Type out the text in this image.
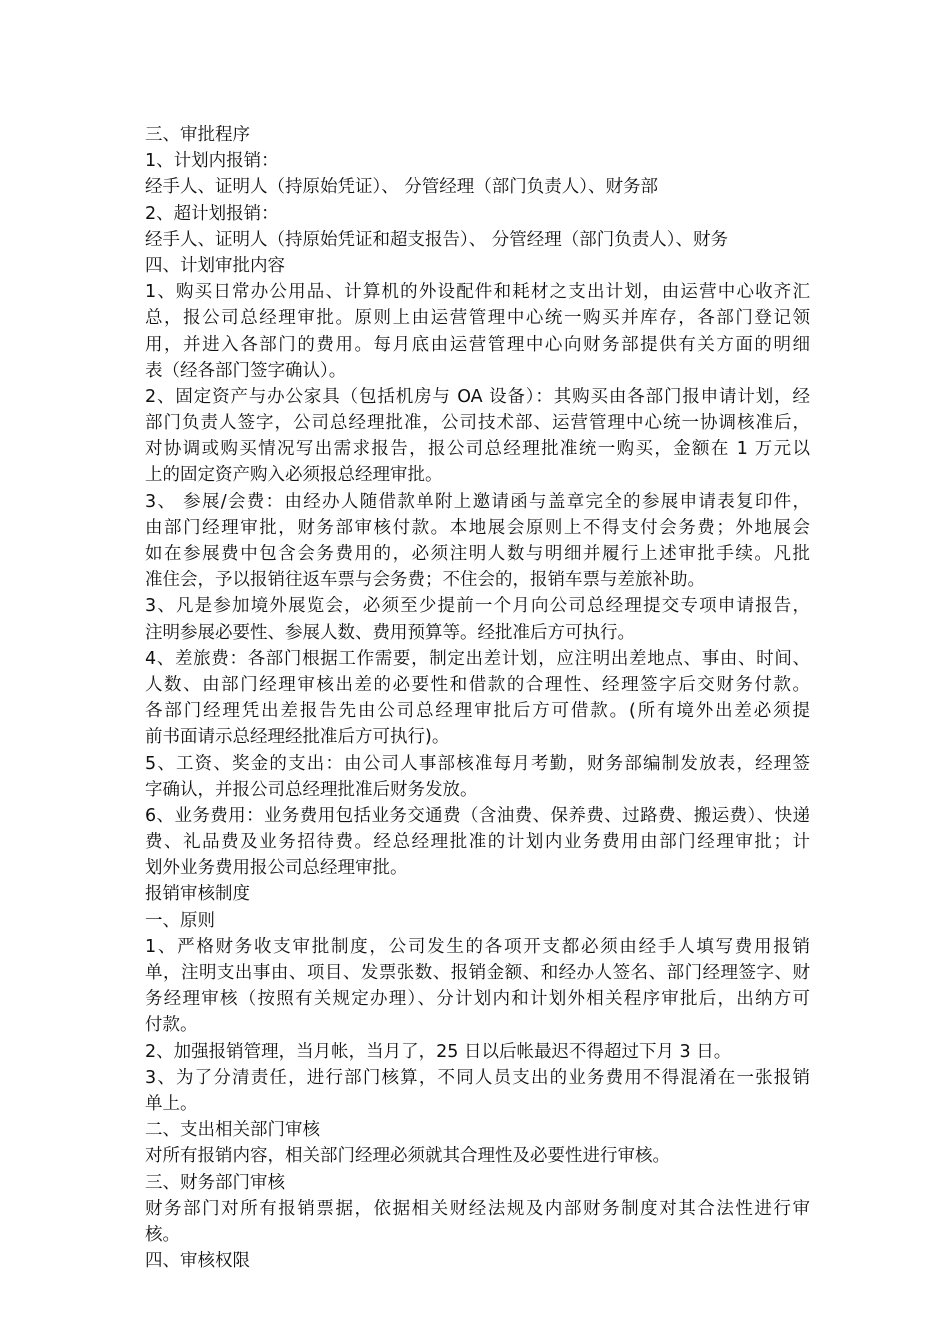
三、审批程序
1、计划内报销：
经手人、证明人（持原始凭证）、 分管经理（部门负责人）、财务部
2、超计划报销：
经手人、证明人（持原始凭证和超支报告）、 分管经理（部门负责人）、财务
四、计划审批内容
1、购买日常办公用品、计算机的外设配件和耗材之支出计划，由运营中心收齐汇
总，报公司总经理审批。原则上由运营管理中心统一购买并库存，各部门登记领
用，并进入各部门的费用。每月底由运营管理中心向财务部提供有关方面的明细
表（经各部门签字确认）。
2、固定资产与办公家具（包括机房与 OA 设备）：其购买由各部门报申请计划，经
部门负责人签字，公司总经理批准，公司技术部、运营管理中心统一协调核准后，
对协调或购买情况写出需求报告，报公司总经理批准统一购买，金额在 1 万元以
上的固定资产购入必须报总经理审批。
3、 参展/会费：由经办人随借款单附上邀请函与盖章完全的参展申请表复印件，
由部门经理审批，财务部审核付款。本地展会原则上不得支付会务费；外地展会
如在参展费中包含会务费用的，必须注明人数与明细并履行上述审批手续。凡批
准住会，予以报销往返车票与会务费；不住会的，报销车票与差旅补助。
3、凡是参加境外展览会，必须至少提前一个月向公司总经理提交专项申请报告，
注明参展必要性、参展人数、费用预算等。经批准后方可执行。
4、差旅费：各部门根据工作需要，制定出差计划，应注明出差地点、事由、时间、
人数、由部门经理审核出差的必要性和借款的合理性、经理签字后交财务付款。
各部门经理凭出差报告先由公司总经理审批后方可借款。(所有境外出差必须提
前书面请示总经理经批准后方可执行)。
5、工资、奖金的支出：由公司人事部核准每月考勤，财务部编制发放表，经理签
字确认，并报公司总经理批准后财务发放。
6、业务费用：业务费用包括业务交通费（含油费、保养费、过路费、搬运费）、快递
费、礼品费及业务招待费。经总经理批准的计划内业务费用由部门经理审批；计
划外业务费用报公司总经理审批。
报销审核制度
一、原则
1、严格财务收支审批制度，公司发生的各项开支都必须由经手人填写费用报销
单，注明支出事由、项目、发票张数、报销金额、和经办人签名、部门经理签字、财
务经理审核（按照有关规定办理）、分计划内和计划外相关程序审批后，出纳方可
付款。
2、加强报销管理，当月帐，当月了，25 日以后帐最迟不得超过下月 3 日。
3、为了分清责任，进行部门核算，不同人员支出的业务费用不得混淆在一张报销
单上。
二、支出相关部门审核
对所有报销内容，相关部门经理必须就其合理性及必要性进行审核。
三、财务部门审核
财务部门对所有报销票据，依据相关财经法规及内部财务制度对其合法性进行审
核。
四、审核权限
